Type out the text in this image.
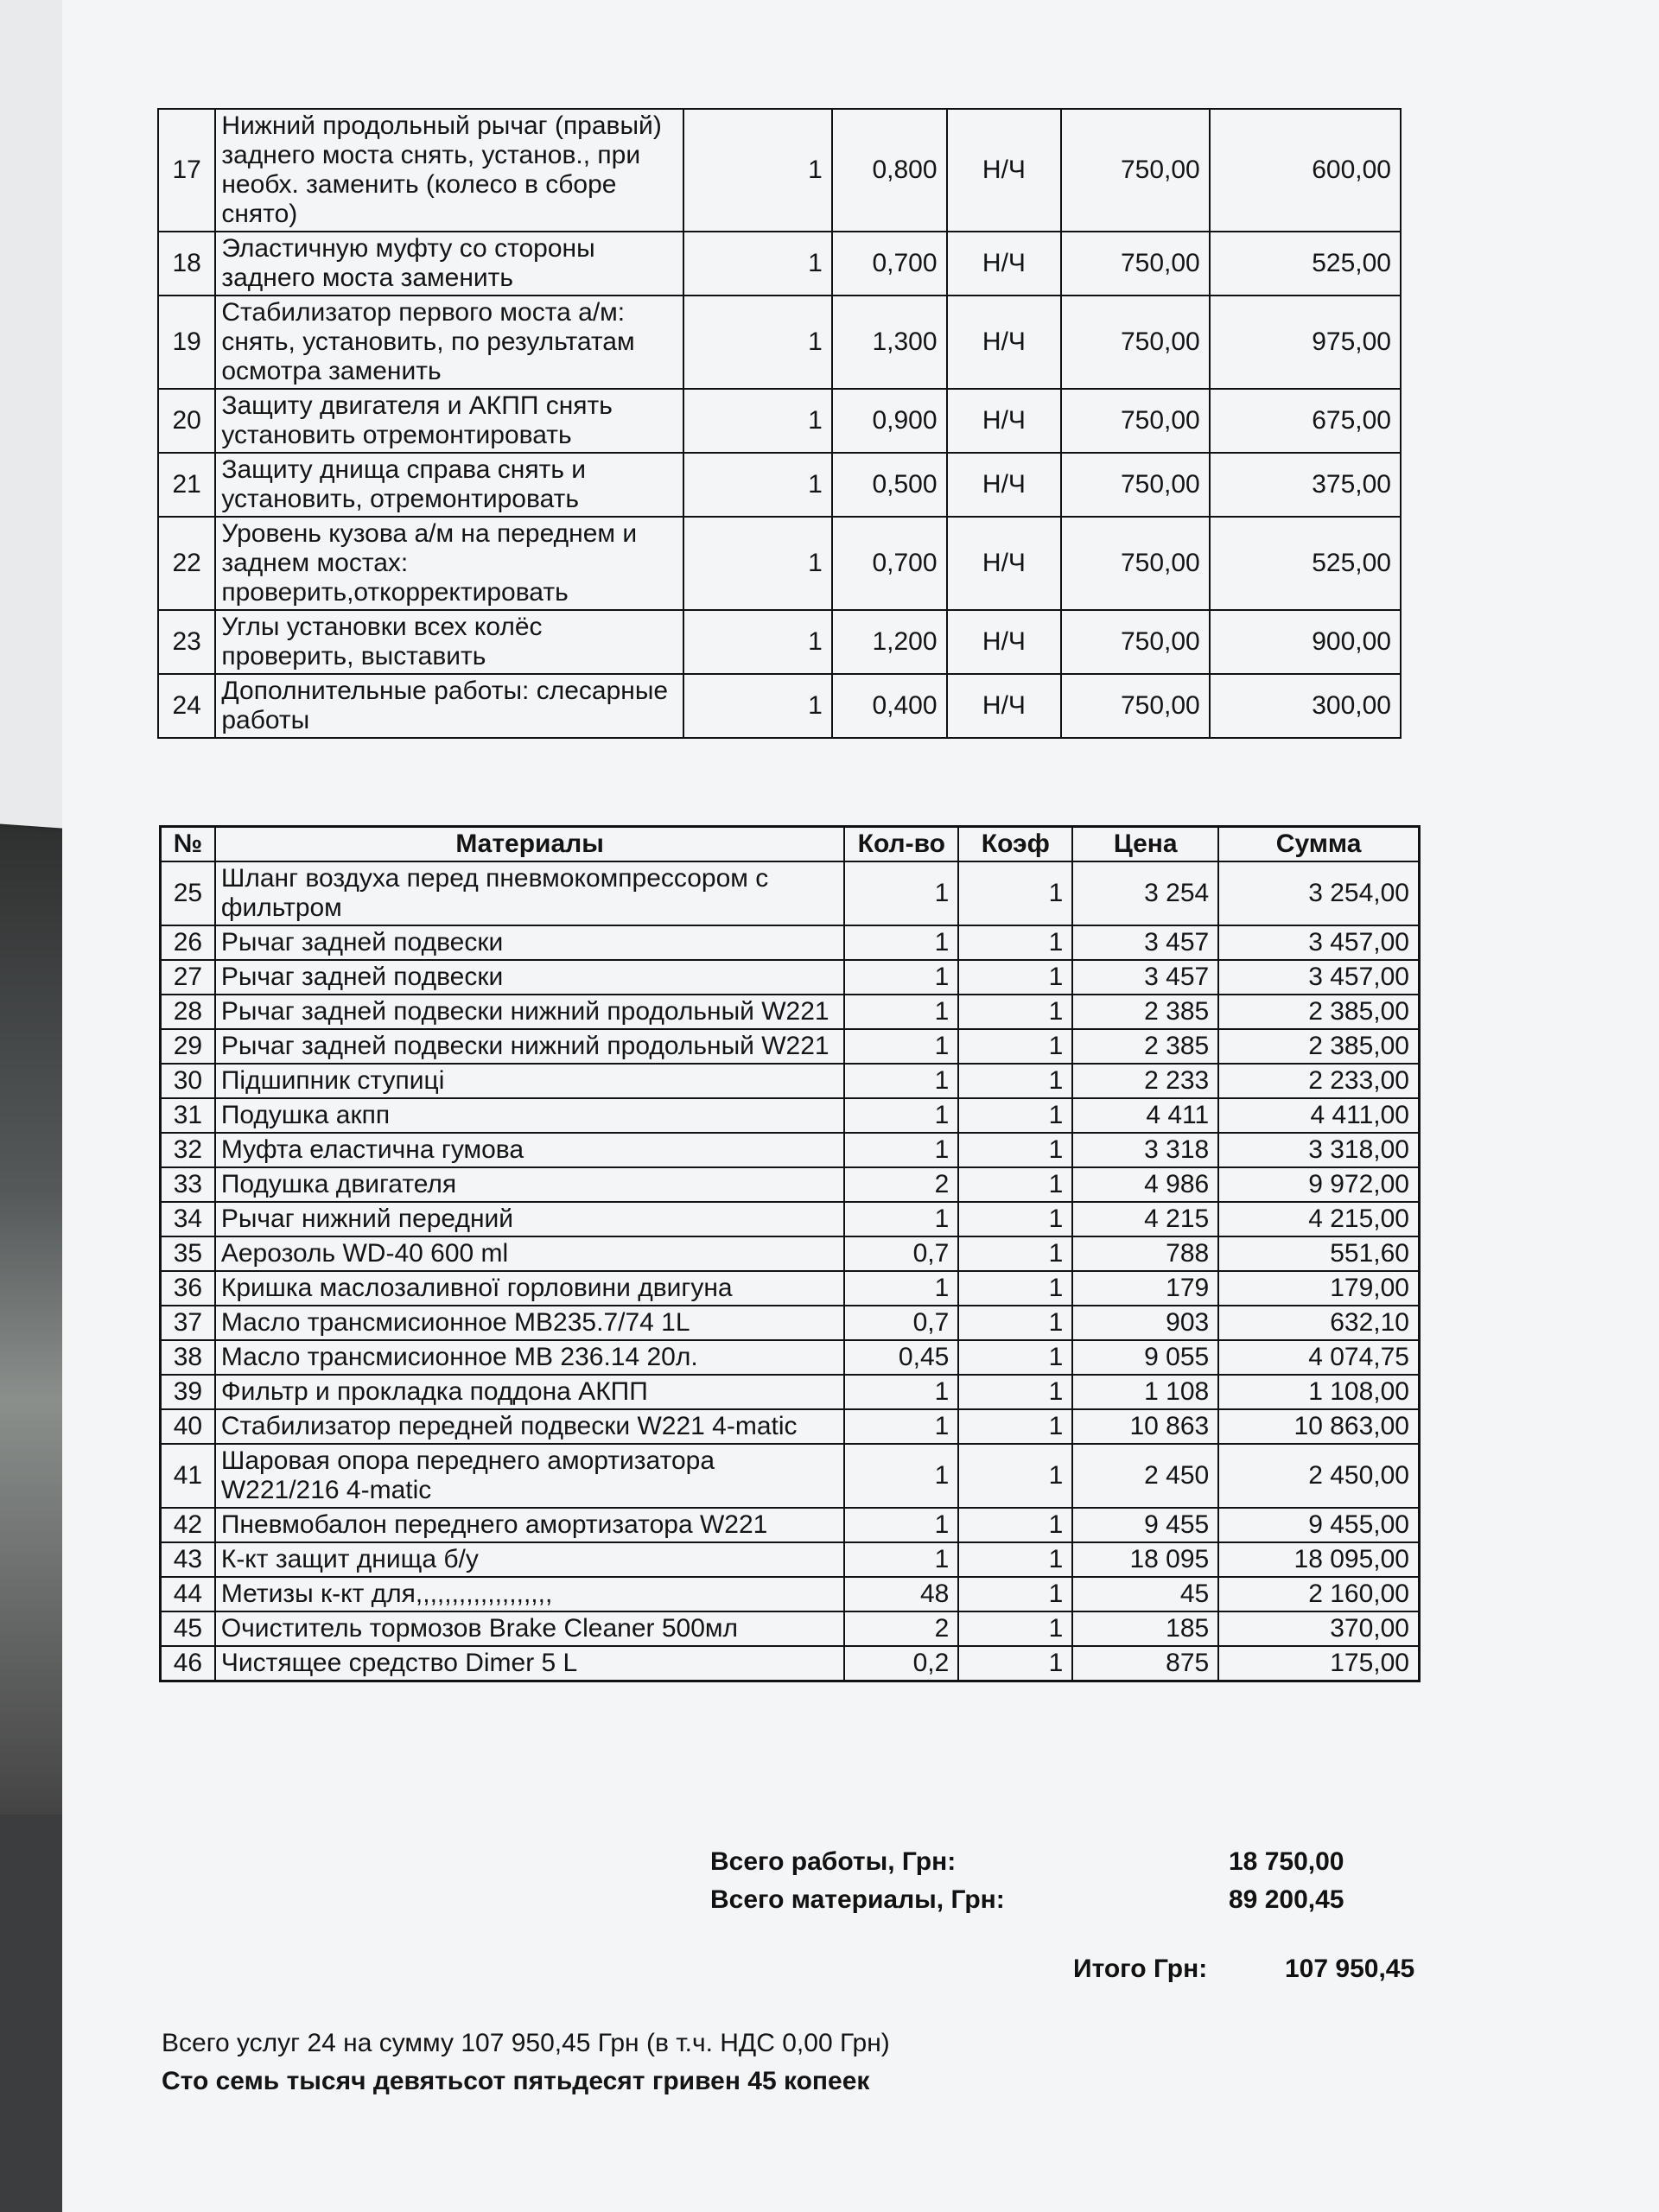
17	Нижний продольный рычаг (правый) заднего моста снять, установ., при необх. заменить (колесо в сборе снято)	1	0,800	Н/Ч	750,00	600,00
18	Эластичную муфту со стороны заднего моста заменить	1	0,700	Н/Ч	750,00	525,00
19	Стабилизатор первого моста а/м: снять, установить, по результатам осмотра заменить	1	1,300	Н/Ч	750,00	975,00
20	Защиту двигателя и АКПП снять установить отремонтировать	1	0,900	Н/Ч	750,00	675,00
21	Защиту днища справа снять и установить, отремонтировать	1	0,500	Н/Ч	750,00	375,00
22	Уровень кузова а/м на переднем и заднем мостах: проверить,откорректировать	1	0,700	Н/Ч	750,00	525,00
23	Углы установки всех колёс проверить, выставить	1	1,200	Н/Ч	750,00	900,00
24	Дополнительные работы: слесарные работы	1	0,400	Н/Ч	750,00	300,00
№	Материалы	Кол-во	Коэф	Цена	Сумма
25	Шланг воздуха перед пневмокомпрессором с фильтром	1	1	3 254	3 254,00
26	Рычаг задней подвески	1	1	3 457	3 457,00
27	Рычаг задней подвески	1	1	3 457	3 457,00
28	Рычаг задней подвески нижний продольный W221	1	1	2 385	2 385,00
29	Рычаг задней подвески нижний продольный W221	1	1	2 385	2 385,00
30	Підшипник ступиці	1	1	2 233	2 233,00
31	Подушка акпп	1	1	4 411	4 411,00
32	Муфта еластична гумова	1	1	3 318	3 318,00
33	Подушка двигателя	2	1	4 986	9 972,00
34	Рычаг нижний передний	1	1	4 215	4 215,00
35	Аерозоль WD-40 600 ml	0,7	1	788	551,60
36	Кришка маслозаливної горловини двигуна	1	1	179	179,00
37	Масло трансмисионное MB235.7/74 1L	0,7	1	903	632,10
38	Масло трансмисионное MB 236.14 20л.	0,45	1	9 055	4 074,75
39	Фильтр и прокладка поддона АКПП	1	1	1 108	1 108,00
40	Стабилизатор передней подвески W221 4-matic	1	1	10 863	10 863,00
41	Шаровая опора переднего амортизатора W221/216 4-matic	1	1	2 450	2 450,00
42	Пневмобалон переднего амортизатора W221	1	1	9 455	9 455,00
43	К-кт защит днища б/у	1	1	18 095	18 095,00
44	Метизы к-кт для,,,,,,,,,,,,,,,,,,,	48	1	45	2 160,00
45	Очиститель тормозов Brake Cleaner 500мл	2	1	185	370,00
46	Чистящее средство Dimer 5 L	0,2	1	875	175,00
Всего работы, Грн:	18 750,00
Всего материалы, Грн:	89 200,45
Итого Грн:	107 950,45
Всего услуг 24 на сумму 107 950,45 Грн (в т.ч. НДС 0,00 Грн)
Сто семь тысяч девятьсот пятьдесят гривен 45 копеек
